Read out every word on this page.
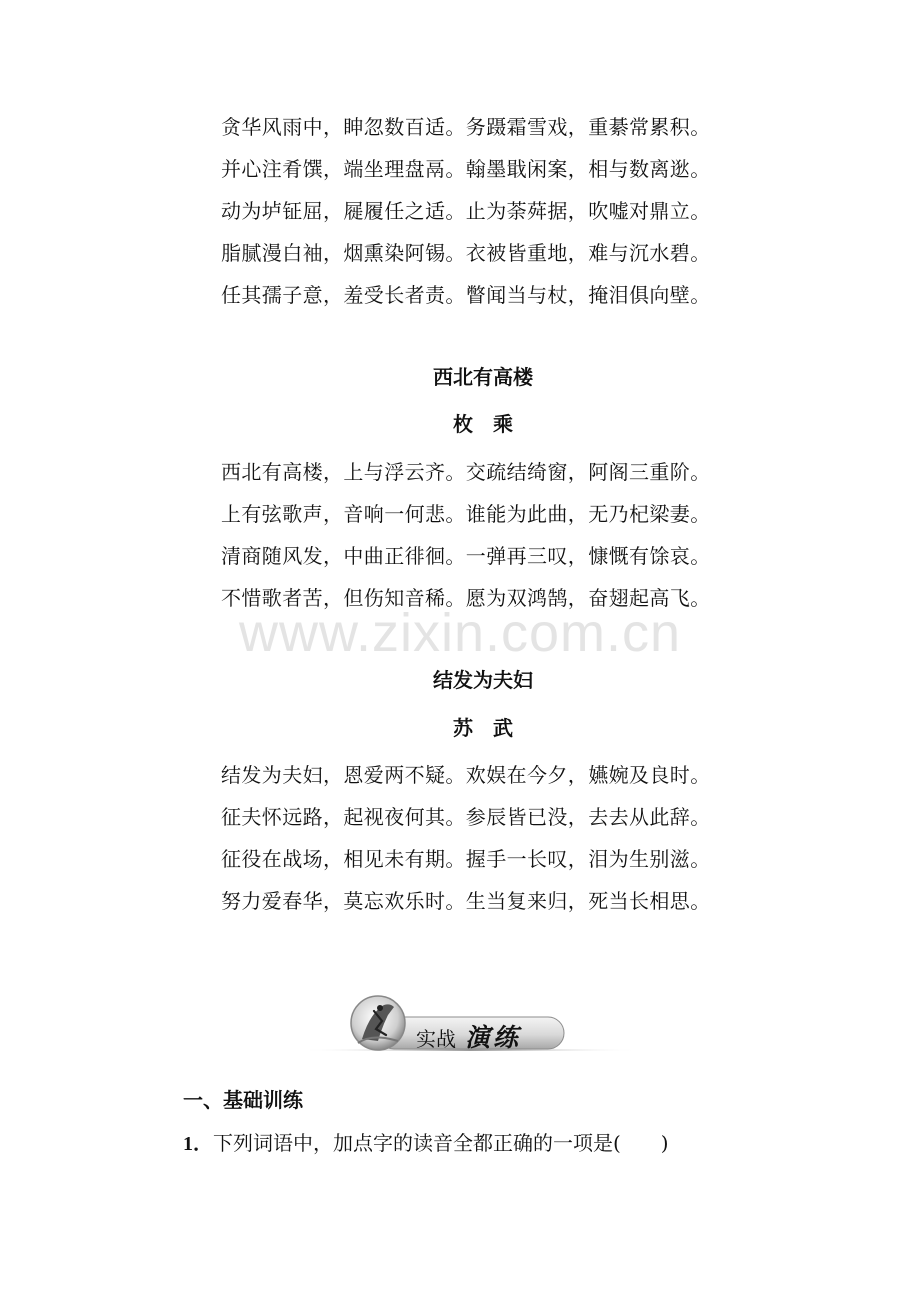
贪华风雨中，眒忽数百适。务蹑霜雪戏，重綦常累积。
并心注肴馔，端坐理盘鬲。翰墨戢闲案，相与数离逖。
动为垆钲屈，屣履任之适。止为荼荈据，吹嘘对鼎立。
脂腻漫白袖，烟熏染阿锡。衣被皆重地，难与沉水碧。
任其孺子意，羞受长者责。瞥闻当与杖，掩泪俱向壁。
西北有高楼
枚　乘
西北有高楼，上与浮云齐。交疏结绮窗，阿阁三重阶。
上有弦歌声，音响一何悲。谁能为此曲，无乃杞梁妻。
清商随风发，中曲正徘徊。一弹再三叹，慷慨有馀哀。
不惜歌者苦，但伤知音稀。愿为双鸿鹄，奋翅起高飞。
www.zixin.com.cn
结发为夫妇
苏　武
结发为夫妇，恩爱两不疑。欢娱在今夕，嬿婉及良时。
征夫怀远路，起视夜何其。参辰皆已没，去去从此辞。
征役在战场，相见未有期。握手一长叹，泪为生别滋。
努力爱春华，莫忘欢乐时。生当复来归，死当长相思。
实战 演练
一、基础训练
1．下列词语中，加点字的读音全都正确的一项是(　　)
